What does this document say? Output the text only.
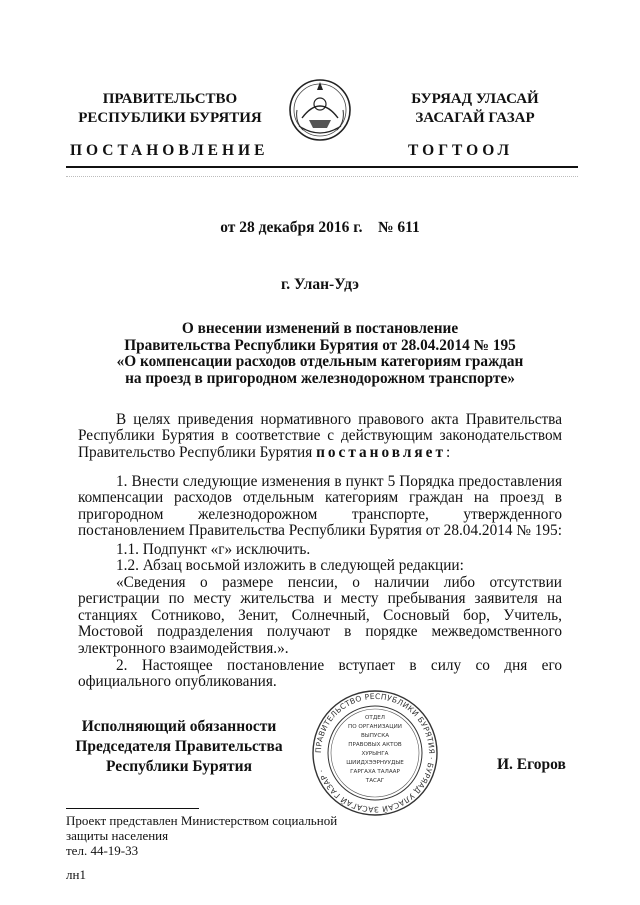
ПРАВИТЕЛЬСТВО
РЕСПУБЛИКИ БУРЯТИЯ
БУРЯАД УЛАСАЙ
ЗАСАГАЙ ГАЗАР
ПОСТАНОВЛЕНИЕ	ТОГТООЛ
от 28 декабря 2016 г.    № 611
г. Улан-Удэ
О внесении изменений в постановление
Правительства Республики Бурятия от 28.04.2014 № 195
«О компенсации расходов отдельным категориям граждан
на проезд в пригородном железнодорожном транспорте»
В целях приведения нормативного правового акта Правительства Республики Бурятия в соответствие с действующим законодательством Правительство Республики Бурятия постановляет:
1. Внести следующие изменения в пункт 5 Порядка предоставления компенсации расходов отдельным категориям граждан на проезд в пригородном железнодорожном транспорте, утвержденного постановлением Правительства Республики Бурятия от 28.04.2014 № 195:
1.1. Подпункт «г» исключить.
1.2. Абзац восьмой изложить в следующей редакции:
«Сведения о размере пенсии, о наличии либо отсутствии регистрации по месту жительства и месту пребывания заявителя на станциях Сотниково, Зенит, Солнечный, Сосновый бор, Учитель, Мостовой подразделения получают в порядке межведомственного электронного взаимодействия.».
2. Настоящее постановление вступает в силу со дня его официального опубликования.
Исполняющий обязанности
Председателя Правительства
Республики Бурятия
ПРАВИТЕЛЬСТВО РЕСПУБЛИКИ БУРЯТИЯ · БУРЯАД УЛАСАЙ ЗАСАГАЙ ГАЗАР ·
ОТДЕЛ
ПО ОРГАНИЗАЦИИ
ВЫПУСКА
ПРАВОВЫХ АКТОВ
ХУРЫНГА
ШИИДХЭЭРНУУДЫЕ
ГАРГАХА ТАЛААР
ТАСАГ
И. Егоров
Проект представлен Министерством социальной
защиты населения
тел. 44-19-33
лн1
